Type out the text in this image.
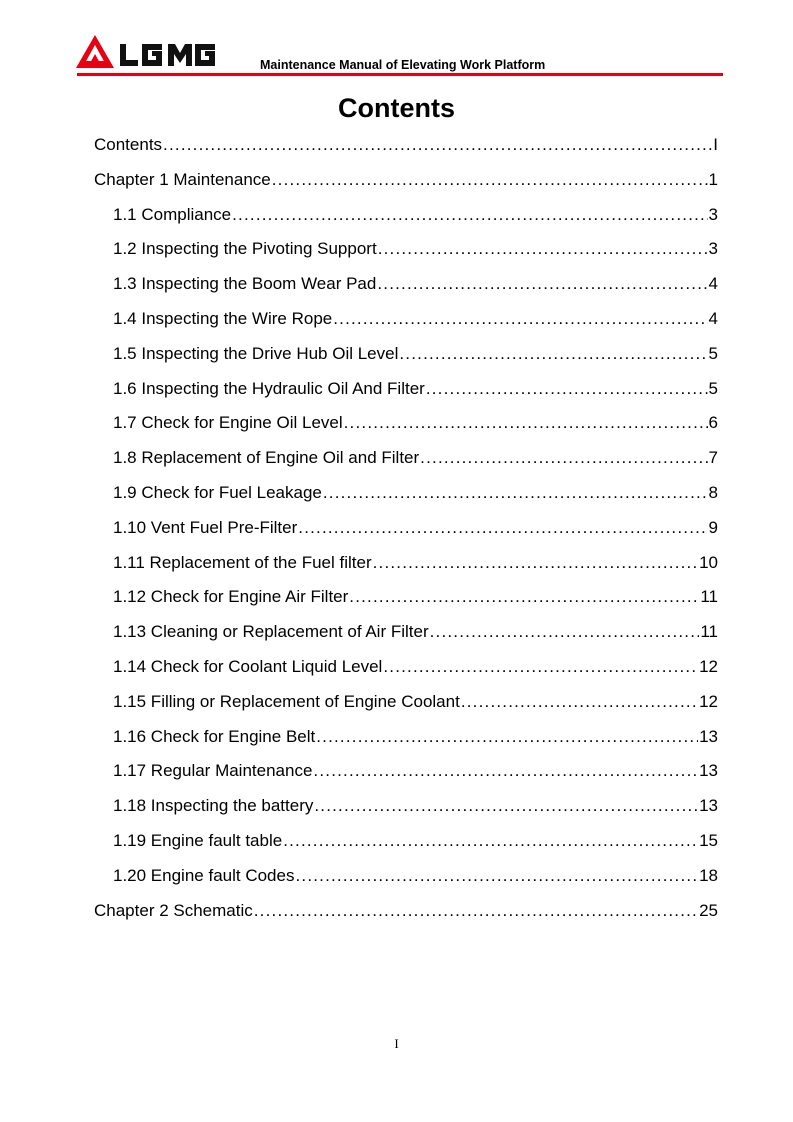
Maintenance Manual of Elevating Work Platform
Contents
Contents .....	I
Chapter 1 Maintenance .....	1
1.1 Compliance .....	3
1.2 Inspecting the Pivoting Support .....	3
1.3 Inspecting the Boom Wear Pad .....	4
1.4 Inspecting the Wire Rope .....	4
1.5 Inspecting the Drive Hub Oil Level .....	5
1.6 Inspecting the Hydraulic Oil And Filter .....	5
1.7 Check for Engine Oil Level .....	6
1.8 Replacement of Engine Oil and Filter .....	7
1.9 Check for Fuel Leakage .....	8
1.10 Vent Fuel Pre-Filter .....	9
1.11 Replacement of the Fuel filter .....	10
1.12 Check for Engine Air Filter .....	11
1.13 Cleaning or Replacement of Air Filter .....	11
1.14 Check for Coolant Liquid Level .....	12
1.15 Filling or Replacement of Engine Coolant .....	12
1.16 Check for Engine Belt .....	13
1.17 Regular Maintenance .....	13
1.18 Inspecting the battery .....	13
1.19 Engine fault table .....	15
1.20 Engine fault Codes .....	18
Chapter 2 Schematic .....	25
I
